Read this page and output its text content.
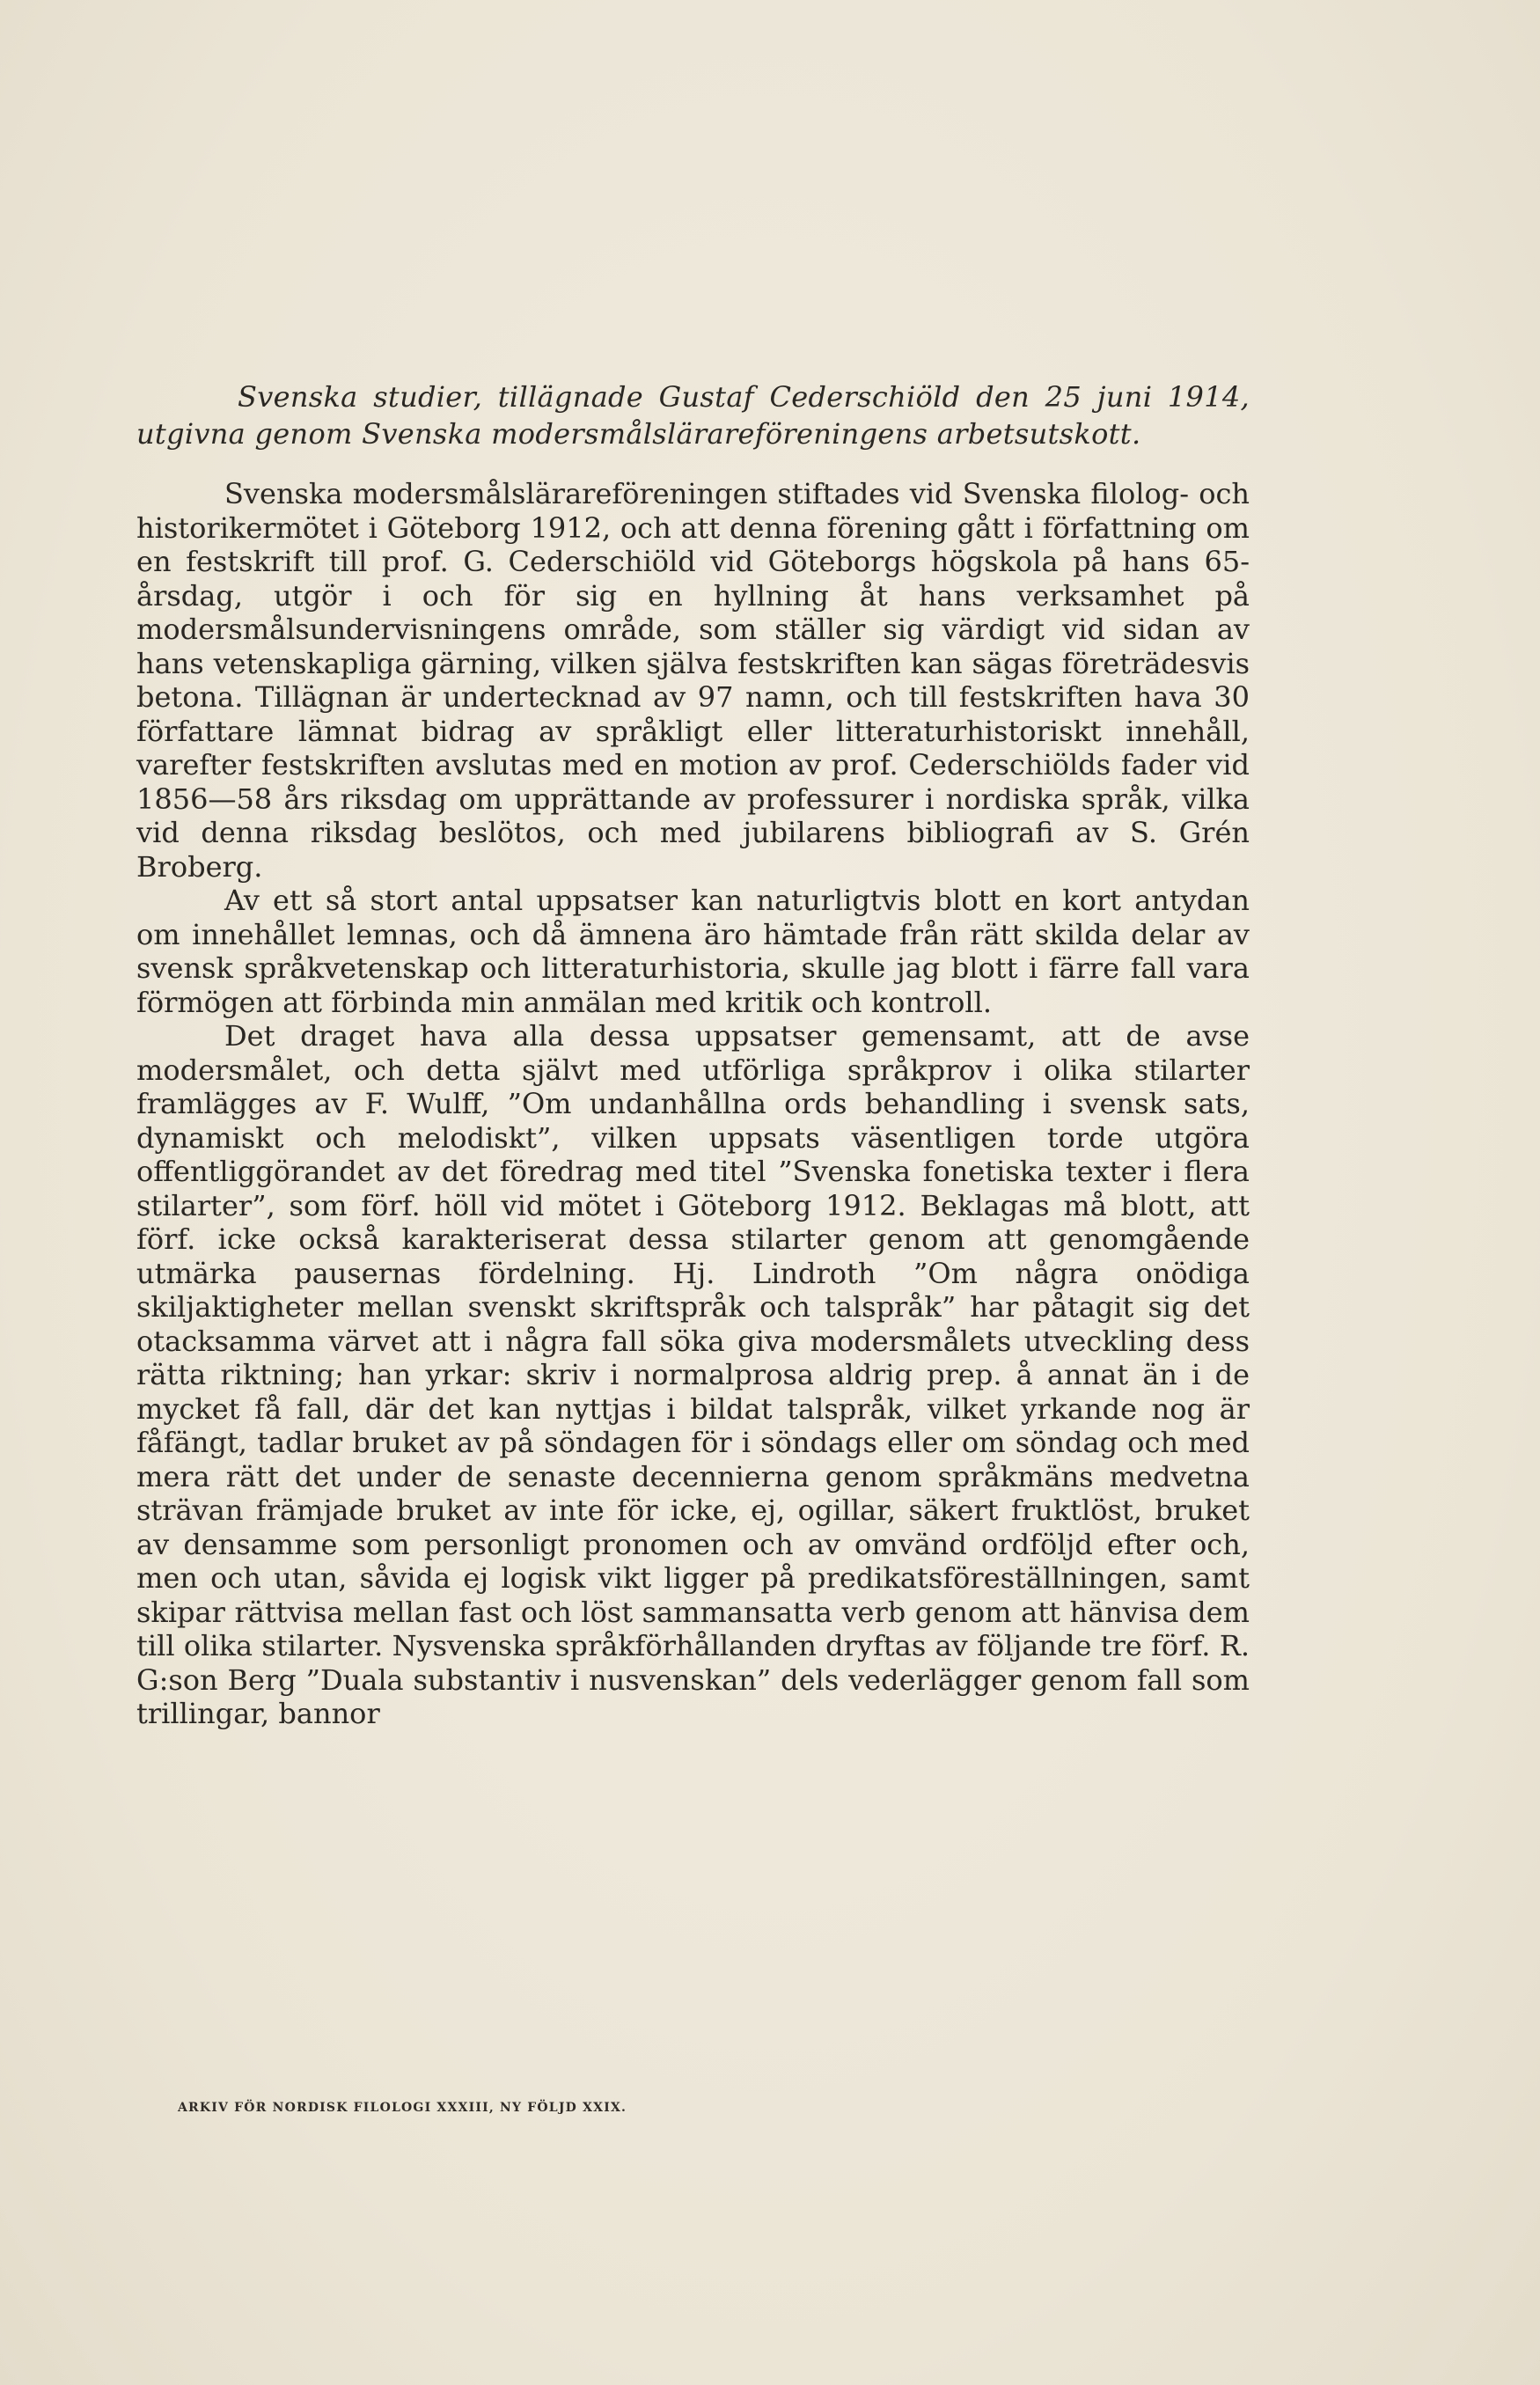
Svenska studier, tillägnade Gustaf Cederschiöld den 25 juni 1914, utgivna genom Svenska modersmålslärareföreningens arbetsutskott.

Svenska modersmålslärareföreningen stiftades vid Svenska filolog- och historikermötet i Göteborg 1912, och att denna förening gått i författning om en festskrift till prof. G. Cederschiöld vid Göteborgs högskola på hans 65-årsdag, utgör i och för sig en hyllning åt hans verksamhet på modersmålsundervisningens område, som ställer sig värdigt vid sidan av hans vetenskapliga gärning, vilken själva festskriften kan sägas företrädesvis betona. Tillägnan är undertecknad av 97 namn, och till festskriften hava 30 författare lämnat bidrag av språkligt eller litteraturhistoriskt innehåll, varefter festskriften avslutas med en motion av prof. Cederschiölds fader vid 1856—58 års riksdag om upprättande av professurer i nordiska språk, vilka vid denna riksdag beslötos, och med jubilarens bibliografi av S. Grén Broberg.

Av ett så stort antal uppsatser kan naturligtvis blott en kort antydan om innehållet lemnas, och då ämnena äro hämtade från rätt skilda delar av svensk språkvetenskap och litteraturhistoria, skulle jag blott i färre fall vara förmögen att förbinda min anmälan med kritik och kontroll.

Det draget hava alla dessa uppsatser gemensamt, att de avse modersmålet, och detta självt med utförliga språkprov i olika stilarter framlägges av F. Wulff, ”Om undanhållna ords behandling i svensk sats, dynamiskt och melodiskt”, vilken uppsats väsentligen torde utgöra offentliggörandet av det föredrag med titel ”Svenska fonetiska texter i flera stilarter”, som förf. höll vid mötet i Göteborg 1912. Beklagas må blott, att förf. icke också karakteriserat dessa stilarter genom att genomgående utmärka pausernas fördelning. Hj. Lindroth ”Om några onödiga skiljaktigheter mellan svenskt skriftspråk och talspråk” har påtagit sig det otacksamma värvet att i några fall söka giva modersmålets utveckling dess rätta riktning; han yrkar: skriv i normalprosa aldrig prep. å annat än i de mycket få fall, där det kan nyttjas i bildat talspråk, vilket yrkande nog är fåfängt, tadlar bruket av på söndagen för i söndags eller om söndag och med mera rätt det under de senaste decennierna genom språkmäns medvetna strävan främjade bruket av inte för icke, ej, ogillar, säkert fruktlöst, bruket av densamme som personligt pronomen och av omvänd ordföljd efter och, men och utan, såvida ej logisk vikt ligger på predikatsföreställningen, samt skipar rättvisa mellan fast och löst sammansatta verb genom att hänvisa dem till olika stilarter. Nysvenska språkförhållanden dryftas av följande tre förf. R. G:son Berg ”Duala substantiv i nusvenskan” dels vederlägger genom fall som trillingar, bannor

ARKIV FÖR NORDISK FILOLOGI XXXIII, NY FÖLJD XXIX.
